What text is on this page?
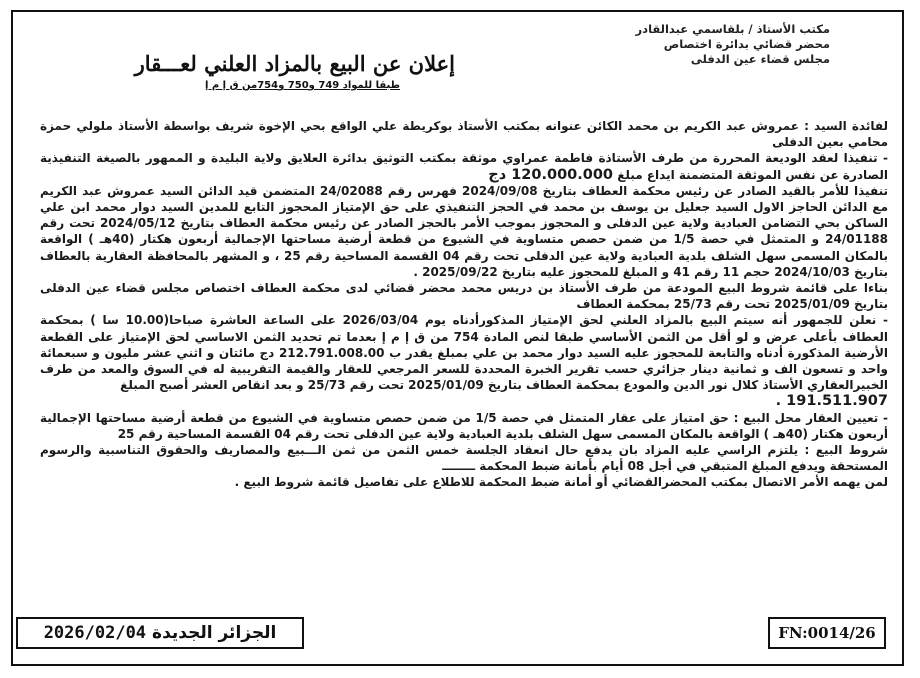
مكتب الأستاذ / بلقاسمي عبدالقادر
محضر قضائي بدائرة اختصاص
مجلس قضاء عين الدفلى
إعلان عن البيع بالمزاد العلني لعـــقار
طبقا للمواد 749 و750 و754من ق إ م إ

لفائدة السيد : عمروش عبد الكريم بن محمد الكائن عنوانه بمكتب الأستاذ بوكريطة علي الواقع بحي الإخوة شريف بواسطة الأستاذ ملولي حمزة محامي بعين الدفلى

- تنفيذا لعقد الوديعة المحررة من طرف الأستاذة فاطمة عمراوي موثقة بمكتب التوثيق بدائرة العلايق ولاية البليدة و الممهور بالصيغة التنفيذية الصادرة عن نفس الموثقة المتضمنة ايداع مبلغ 120.000.000 دج

تنفيذا للأمر بالقيد الصادر عن رئيس محكمة العطاف بتاريخ 2024/09/08 فهرس رقم 24/02088 المتضمن قيد الدائن السيد عمروش عبد الكريم مع الدائن الحاجز الاول السيد جعليل بن يوسف بن محمد في الحجز التنفيذي على حق الإمتياز المحجوز التابع للمدين السيد دوار محمد ابن علي الساكن بحي التضامن العبادية ولاية عين الدفلى و المحجوز بموجب الأمر بالحجز الصادر عن رئيس محكمة العطاف بتاريخ 2024/05/12 تحت رقم 24/01188 و المتمثل في حصة 1/5 من ضمن حصص متساوية في الشيوع من قطعة أرضية مساحتها الإجمالية أربعون هكتار (40هـ ) الواقعة بالمكان المسمى سهل الشلف بلدية العبادية ولاية عين الدفلى تحت رقم 04 القسمة المساحية رقم 25 ، و المشهر بالمحافظة العقارية بالعطاف بتاريخ 2024/10/03 حجم 11 رقم 41 و المبلغ للمحجوز عليه بتاريخ 2025/09/22 .

بناءا على قائمة شروط البيع المودعة من طرف الأستاذ بن دريس محمد محضر قضائي لدى محكمة العطاف اختصاص مجلس قضاء عين الدفلى بتاريخ 2025/01/09 تحت رقم 25/73 بمحكمة العطاف

- نعلن للجمهور أنه سيتم البيع بالمزاد العلني لحق الإمتياز المذكورأدناه يوم 2026/03/04 على الساعة العاشرة صباحا(10.00 سا ) بمحكمة العطاف بأعلى عرض و لو أقل من الثمن الأساسي طبقا لنص المادة 754 من ق إ م إ بعدما تم تحديد الثمن الاساسي لحق الإمتياز على القطعة الأرضية المذكورة أدناه والتابعة للمحجوز عليه السيد دوار محمد بن علي بمبلغ يقدر ب 212.791.008.00 دج مائتان و اثني عشر مليون و سبعمائة واحد و تسعون الف و ثمانية دينار جزائري حسب تقرير الخبرة المحددة للسعر المرجعي للعقار والقيمة التقريبية له في السوق والمعد من طرف الخبيرالعقاري الأستاذ كلال نور الدين والمودع بمحكمة العطاف بتاريخ 2025/01/09 تحت رقم 25/73 و بعد انقاص العشر أصبح المبلغ
191.511.907 .

- تعيين العقار محل البيع : حق امتياز على عقار المتمثل في حصة 1/5 من ضمن حصص متساوية في الشيوع من قطعة أرضية مساحتها الإجمالية أربعون هكتار (40هـ ) الواقعة بالمكان المسمى سهل الشلف بلدية العبادية ولاية عين الدفلى تحت رقم 04 القسمة المساحية رقم 25

شروط البيع : يلتزم الراسي عليه المزاد بان يدفع حال انعقاد الجلسة خمس الثمن من ثمن الـــبيع والمصاريف والحقوق التناسبية والرسوم المستحقة ويدفع المبلغ المتبقي في أجل 08 أيام بأمانة ضبط المحكمة ــــــــ

لمن يهمه الأمر الاتصال بمكتب المحضرالقضائي أو أمانة ضبط المحكمة للاطلاع على تفاصيل قائمة شروط البيع .

الجزائر الجديدة
2026/02/04	FN:0014/26
